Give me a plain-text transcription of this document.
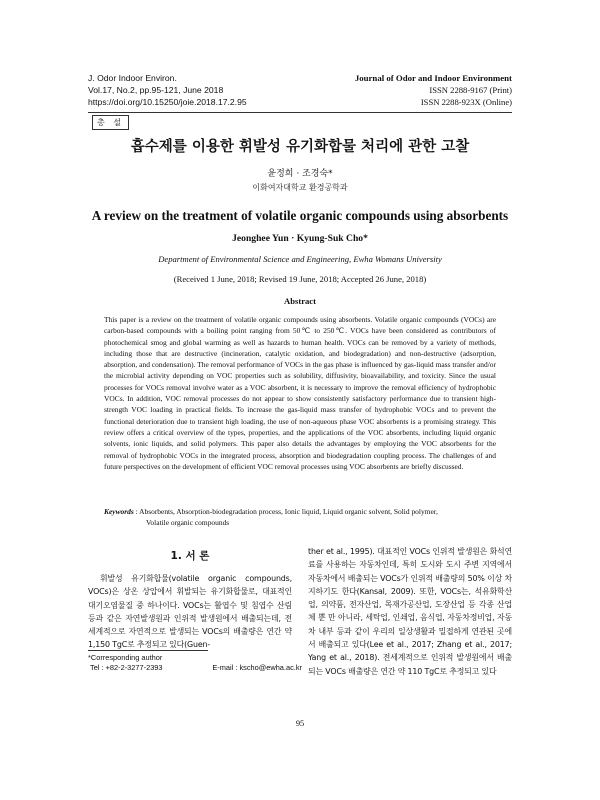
J. Odor Indoor Environ.
Vol.17, No.2, pp.95-121, June 2018
https://doi.org/10.15250/joie.2018.17.2.95
Journal of Odor and Indoor Environment
ISSN 2288-9167 (Print)
ISSN 2288-923X (Online)
총 설
흡수제를 이용한 휘발성 유기화합물 처리에 관한 고찰
윤정희 · 조경숙*
이화여자대학교 환경공학과
A review on the treatment of volatile organic compounds using absorbents
Jeonghee Yun · Kyung-Suk Cho*
Department of Environmental Science and Engineering, Ewha Womans University
(Received 1 June, 2018; Revised 19 June, 2018; Accepted 26 June, 2018)
Abstract
This paper is a review on the treatment of volatile organic compounds using absorbents. Volatile organic compounds (VOCs) are carbon-based compounds with a boiling point ranging from 50℃ to 250℃. VOCs have been considered as contributors of photochemical smog and global warming as well as hazards to human health. VOCs can be removed by a variety of methods, including those that are destructive (incineration, catalytic oxidation, and biodegradation) and non-destructive (adsorption, absorption, and condensation). The removal performance of VOCs in the gas phase is influenced by gas-liquid mass transfer and/or the microbial activity depending on VOC properties such as solubility, diffusivity, bioavailability, and toxicity. Since the usual processes for VOCs removal involve water as a VOC absorbent, it is necessary to improve the removal efficiency of hydrophobic VOCs. In addition, VOC removal processes do not appear to show consistently satisfactory performance due to transient high-strength VOC loading in practical fields. To increase the gas-liquid mass transfer of hydrophobic VOCs and to prevent the functional deterioration due to transient high loading, the use of non-aqueous phase VOC absorbents is a promising strategy. This review offers a critical overview of the types, properties, and the applications of the VOC absorbents, including liquid organic solvents, ionic liquids, and solid polymers. This paper also details the advantages by employing the VOC absorbents for the removal of hydrophobic VOCs in the integrated process, absorption and biodegradation coupling process. The challenges of and future perspectives on the development of efficient VOC removal processes using VOC absorbents are briefly discussed.
Keywords : Absorbents, Absorption-biodegradation process, Ionic liquid, Liquid organic solvent, Solid polymer,
Volatile organic compounds
1. 서 론
휘발성 유기화합물(volatile organic compounds, VOCs)은 상온 상압에서 휘발되는 유기화합물로, 대표적인 대기오염물질 중 하나이다. VOCs는 활엽수 및 침엽수 산림 등과 같은 자연발생원과 인위적 발생원에서 배출되는데, 전 세계적으로 자연적으로 발생되는 VOCs의 배출량은 연간 약 1,150 TgC로 추정되고 있다(Guen-
ther et al., 1995). 대표적인 VOCs 인위적 발생원은 화석연료를 사용하는 자동차인데, 특히 도시와 도시 주변 지역에서 자동차에서 배출되는 VOCs가 인위적 배출량의 50% 이상 차지하기도 한다(Kansal, 2009). 또한, VOCs는, 석유화학산업, 의약품, 전자산업, 목재가공산업, 도장산업 등 각종 산업체 뿐 만 아니라, 세탁업, 인쇄업, 음식업, 자동차정비업, 자동차 내부 등과 같이 우리의 일상생활과 밀접하게 연관된 곳에서 배출되고 있다(Lee et al., 2017; Zhang et al., 2017; Yang et al., 2018). 전세계적으로 인위적 발생원에서 배출되는 VOCs 배출량은 연간 약 110 TgC로 추정되고 있다
*Corresponding author
Tel : +82-2-3277-2393	E-mail : kscho@ewha.ac.kr
95
